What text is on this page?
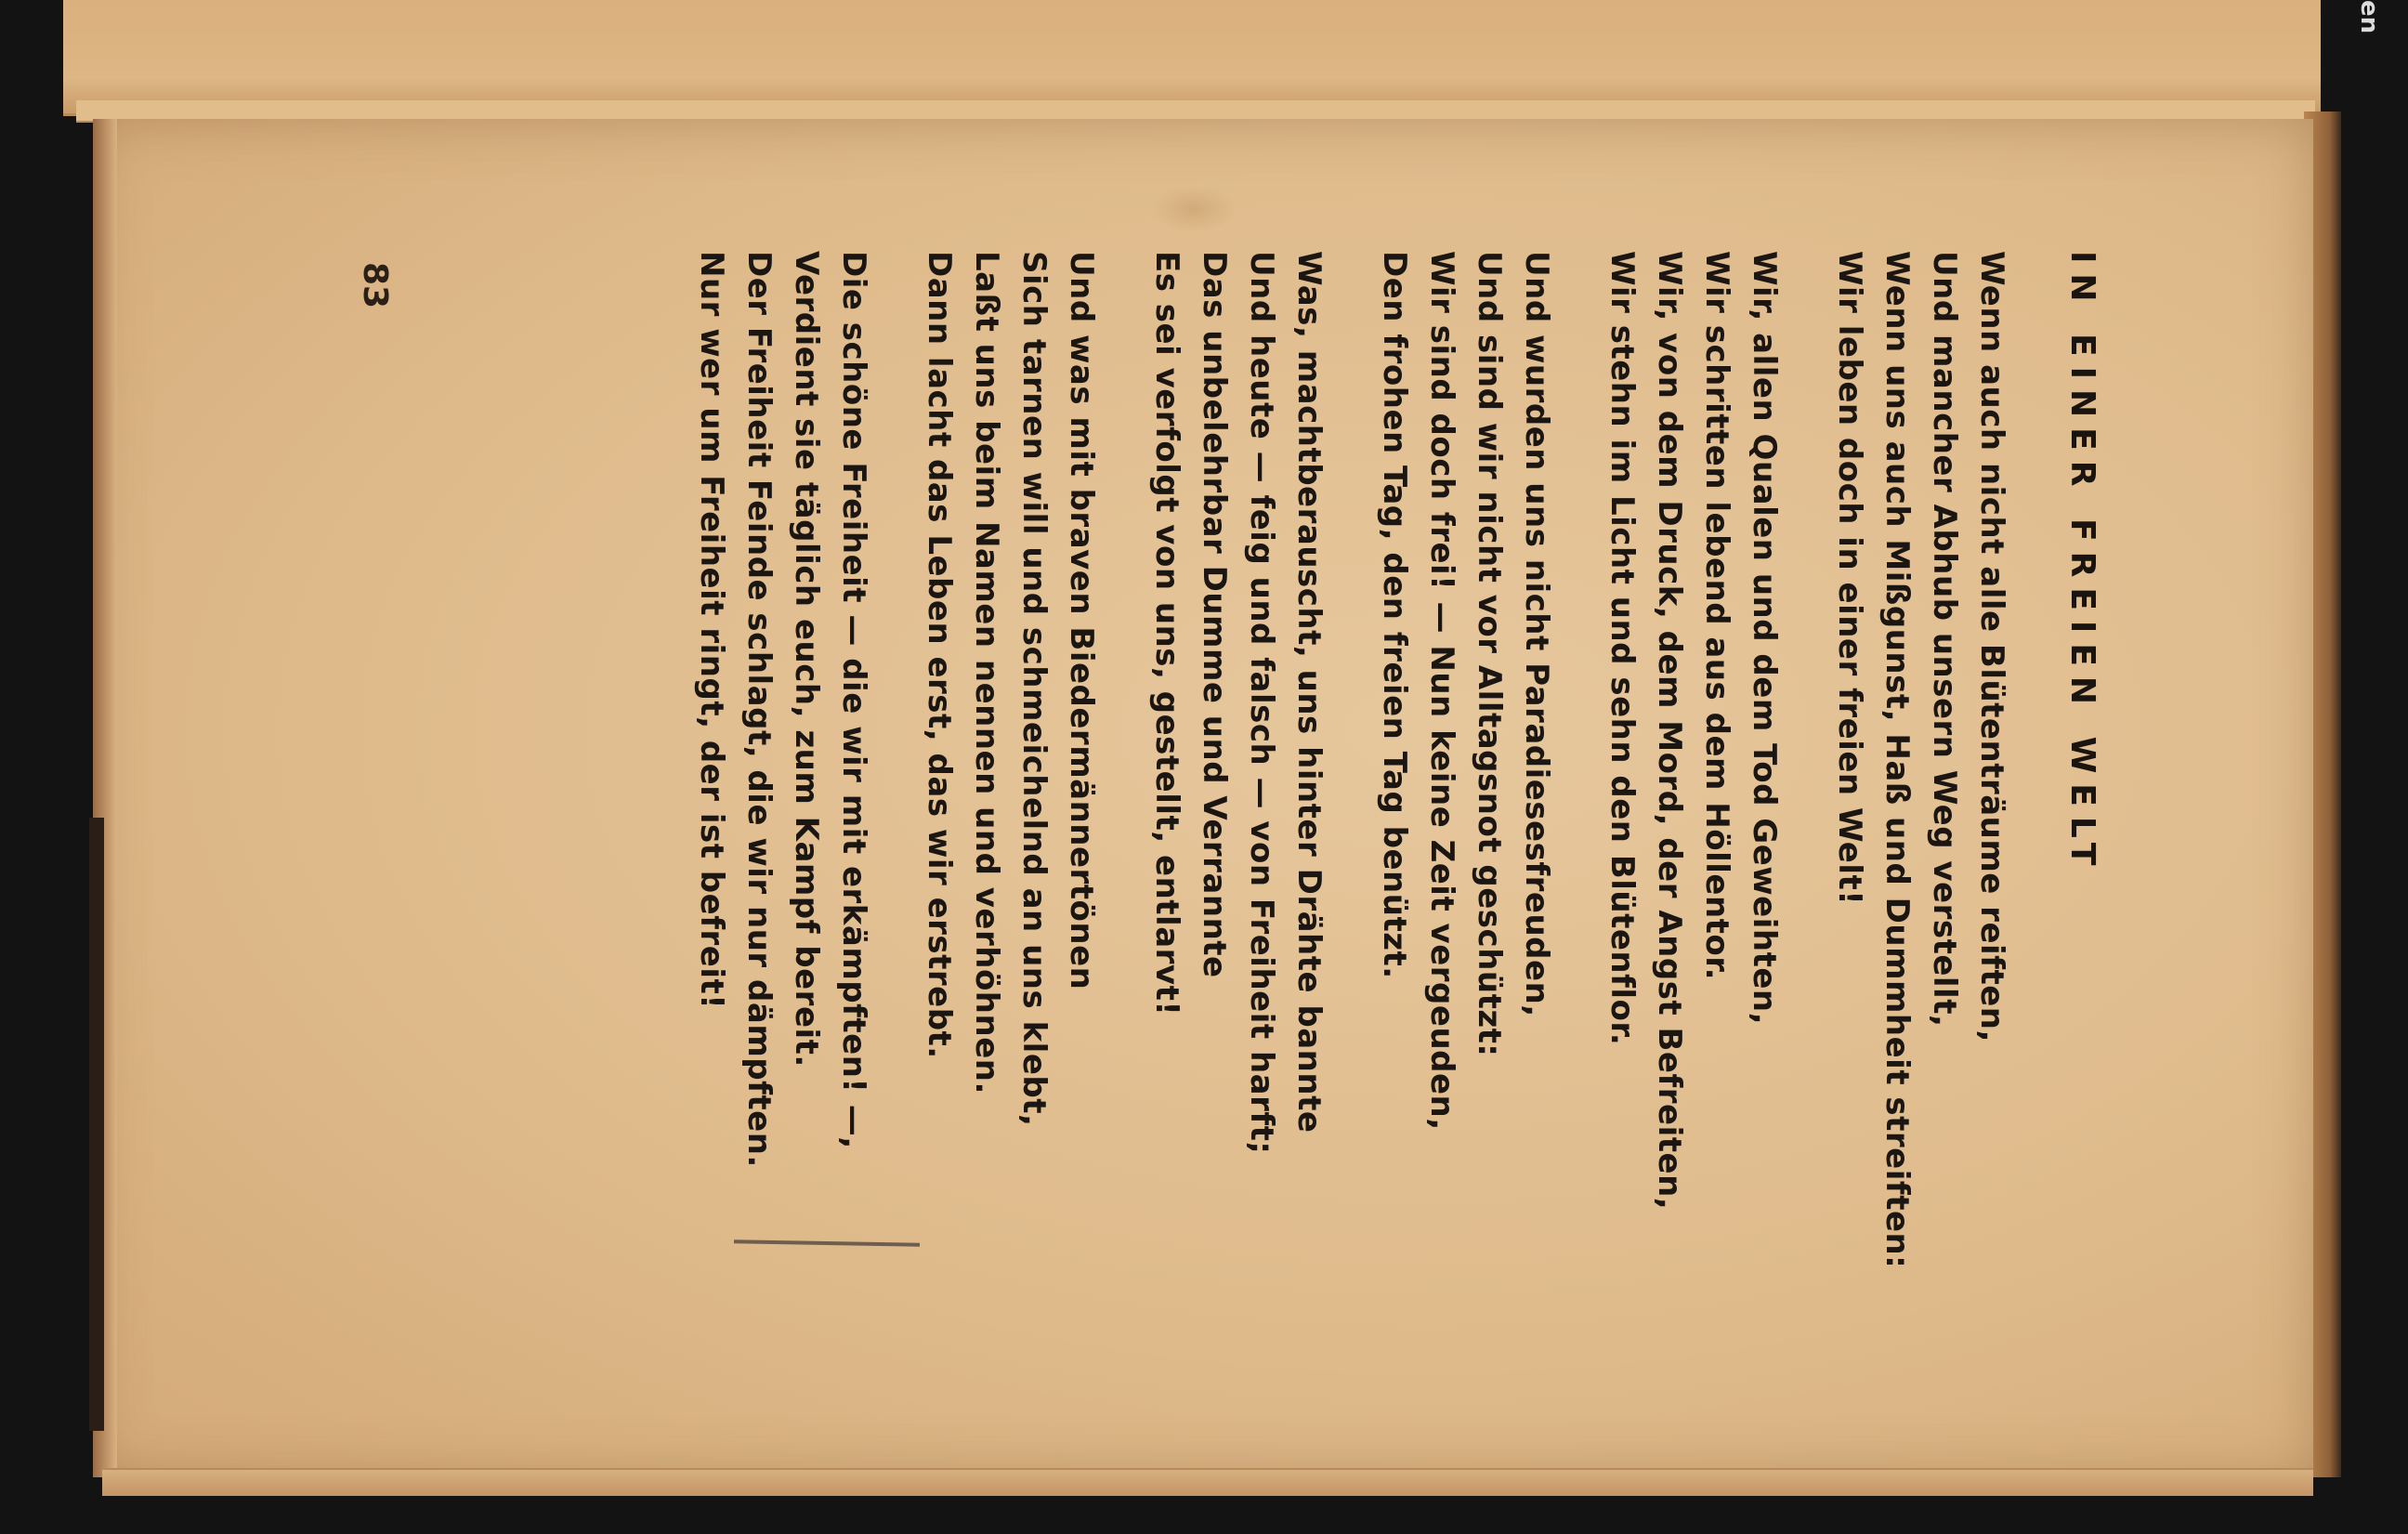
en
IN EINER FREIEN WELT
Wenn auch nicht alle Blütenträume reiften,
Und mancher Abhub unsern Weg verstellt,
Wenn uns auch Mißgunst, Haß und Dummheit streiften:
Wir leben doch in einer freien Welt!
Wir, allen Qualen und dem Tod Geweihten,
Wir schritten lebend aus dem Höllentor.
Wir, von dem Druck, dem Mord, der Angst Befreiten,
Wir stehn im Licht und sehn den Blütenflor.
Und wurden uns nicht Paradiesesfreuden,
Und sind wir nicht vor Alltagsnot geschützt:
Wir sind doch frei! — Nun keine Zeit vergeuden,
Den frohen Tag, den freien Tag benützt.
Was, machtberauscht, uns hinter Drähte bannte
Und heute — feig und falsch — von Freiheit harft;
Das unbelehrbar Dumme und Verrannte
Es sei verfolgt von uns, gestellt, entlarvt!
Und was mit braven Biedermännertönen
Sich tarnen will und schmeichelnd an uns klebt,
Laßt uns beim Namen nennen und verhöhnen.
Dann lacht das Leben erst, das wir erstrebt.
Die schöne Freiheit — die wir mit erkämpften! —,
Verdient sie täglich euch, zum Kampf bereit.
Der Freiheit Feinde schlagt, die wir nur dämpften.
Nur wer um Freiheit ringt, der ist befreit!
83
